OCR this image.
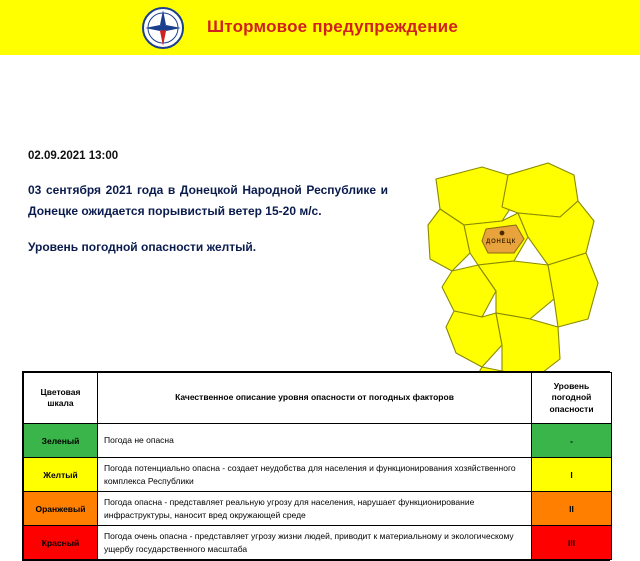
Штормовое предупреждение

02.09.2021 13:00

03 сентября 2021 года в Донецкой Народной Республике и Донецке ожидается порывистый ветер 15-20 м/с.

Уровень погодной опасности желтый.	ДОНЕЦК
Цветовая шкала	Качественное описание уровня опасности от погодных факторов	Уровень погодной опасности
Зеленый	Погода не опасна	-
Желтый	Погода потенциально опасна - создает неудобства для населения и функционирования хозяйственного комплекса Республики	I
Оранжевый	Погода опасна - представляет реальную угрозу для населения, нарушает функционирование инфраструктуры, наносит вред окружающей среде	II
Красный	Погода очень опасна - представляет угрозу жизни людей, приводит к материальному и экологическому ущербу государственного масштаба	III
